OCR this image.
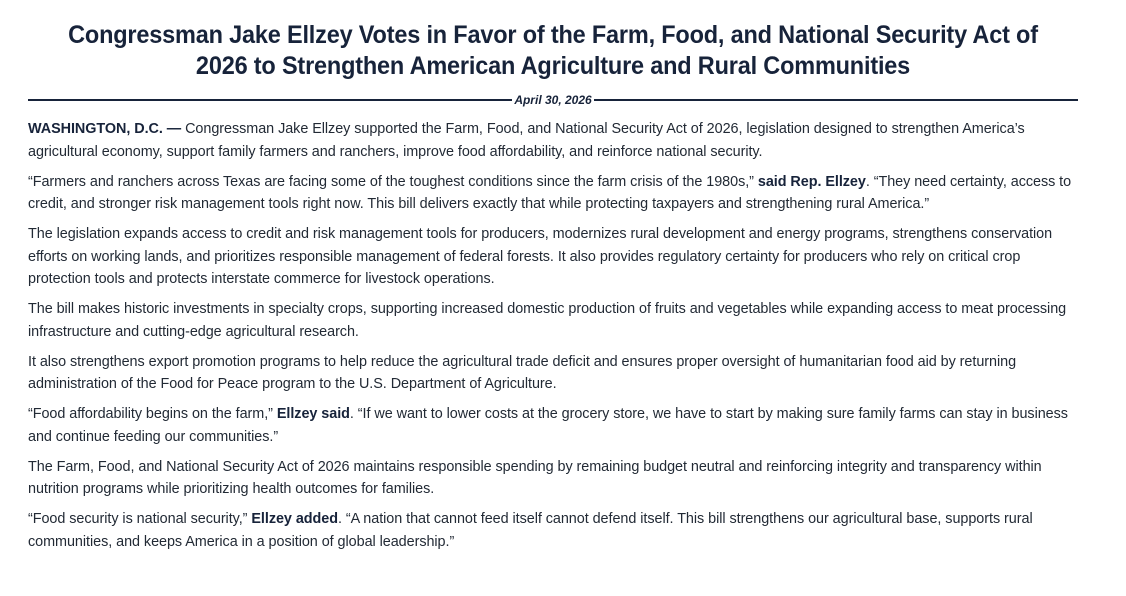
Congressman Jake Ellzey Votes in Favor of the Farm, Food, and National Security Act of 2026 to Strengthen American Agriculture and Rural Communities
April 30, 2026

WASHINGTON, D.C. — Congressman Jake Ellzey supported the Farm, Food, and National Security Act of 2026, legislation designed to strengthen America’s agricultural economy, support family farmers and ranchers, improve food affordability, and reinforce national security.

“Farmers and ranchers across Texas are facing some of the toughest conditions since the farm crisis of the 1980s,” said Rep. Ellzey. “They need certainty, access to credit, and stronger risk management tools right now. This bill delivers exactly that while protecting taxpayers and strengthening rural America.”

The legislation expands access to credit and risk management tools for producers, modernizes rural development and energy programs, strengthens conservation efforts on working lands, and prioritizes responsible management of federal forests. It also provides regulatory certainty for producers who rely on critical crop protection tools and protects interstate commerce for livestock operations.

The bill makes historic investments in specialty crops, supporting increased domestic production of fruits and vegetables while expanding access to meat processing infrastructure and cutting-edge agricultural research.

It also strengthens export promotion programs to help reduce the agricultural trade deficit and ensures proper oversight of humanitarian food aid by returning administration of the Food for Peace program to the U.S. Department of Agriculture.

“Food affordability begins on the farm,” Ellzey said. “If we want to lower costs at the grocery store, we have to start by making sure family farms can stay in business and continue feeding our communities.”

The Farm, Food, and National Security Act of 2026 maintains responsible spending by remaining budget neutral and reinforcing integrity and transparency within nutrition programs while prioritizing health outcomes for families.

“Food security is national security,” Ellzey added. “A nation that cannot feed itself cannot defend itself. This bill strengthens our agricultural base, supports rural communities, and keeps America in a position of global leadership.”
